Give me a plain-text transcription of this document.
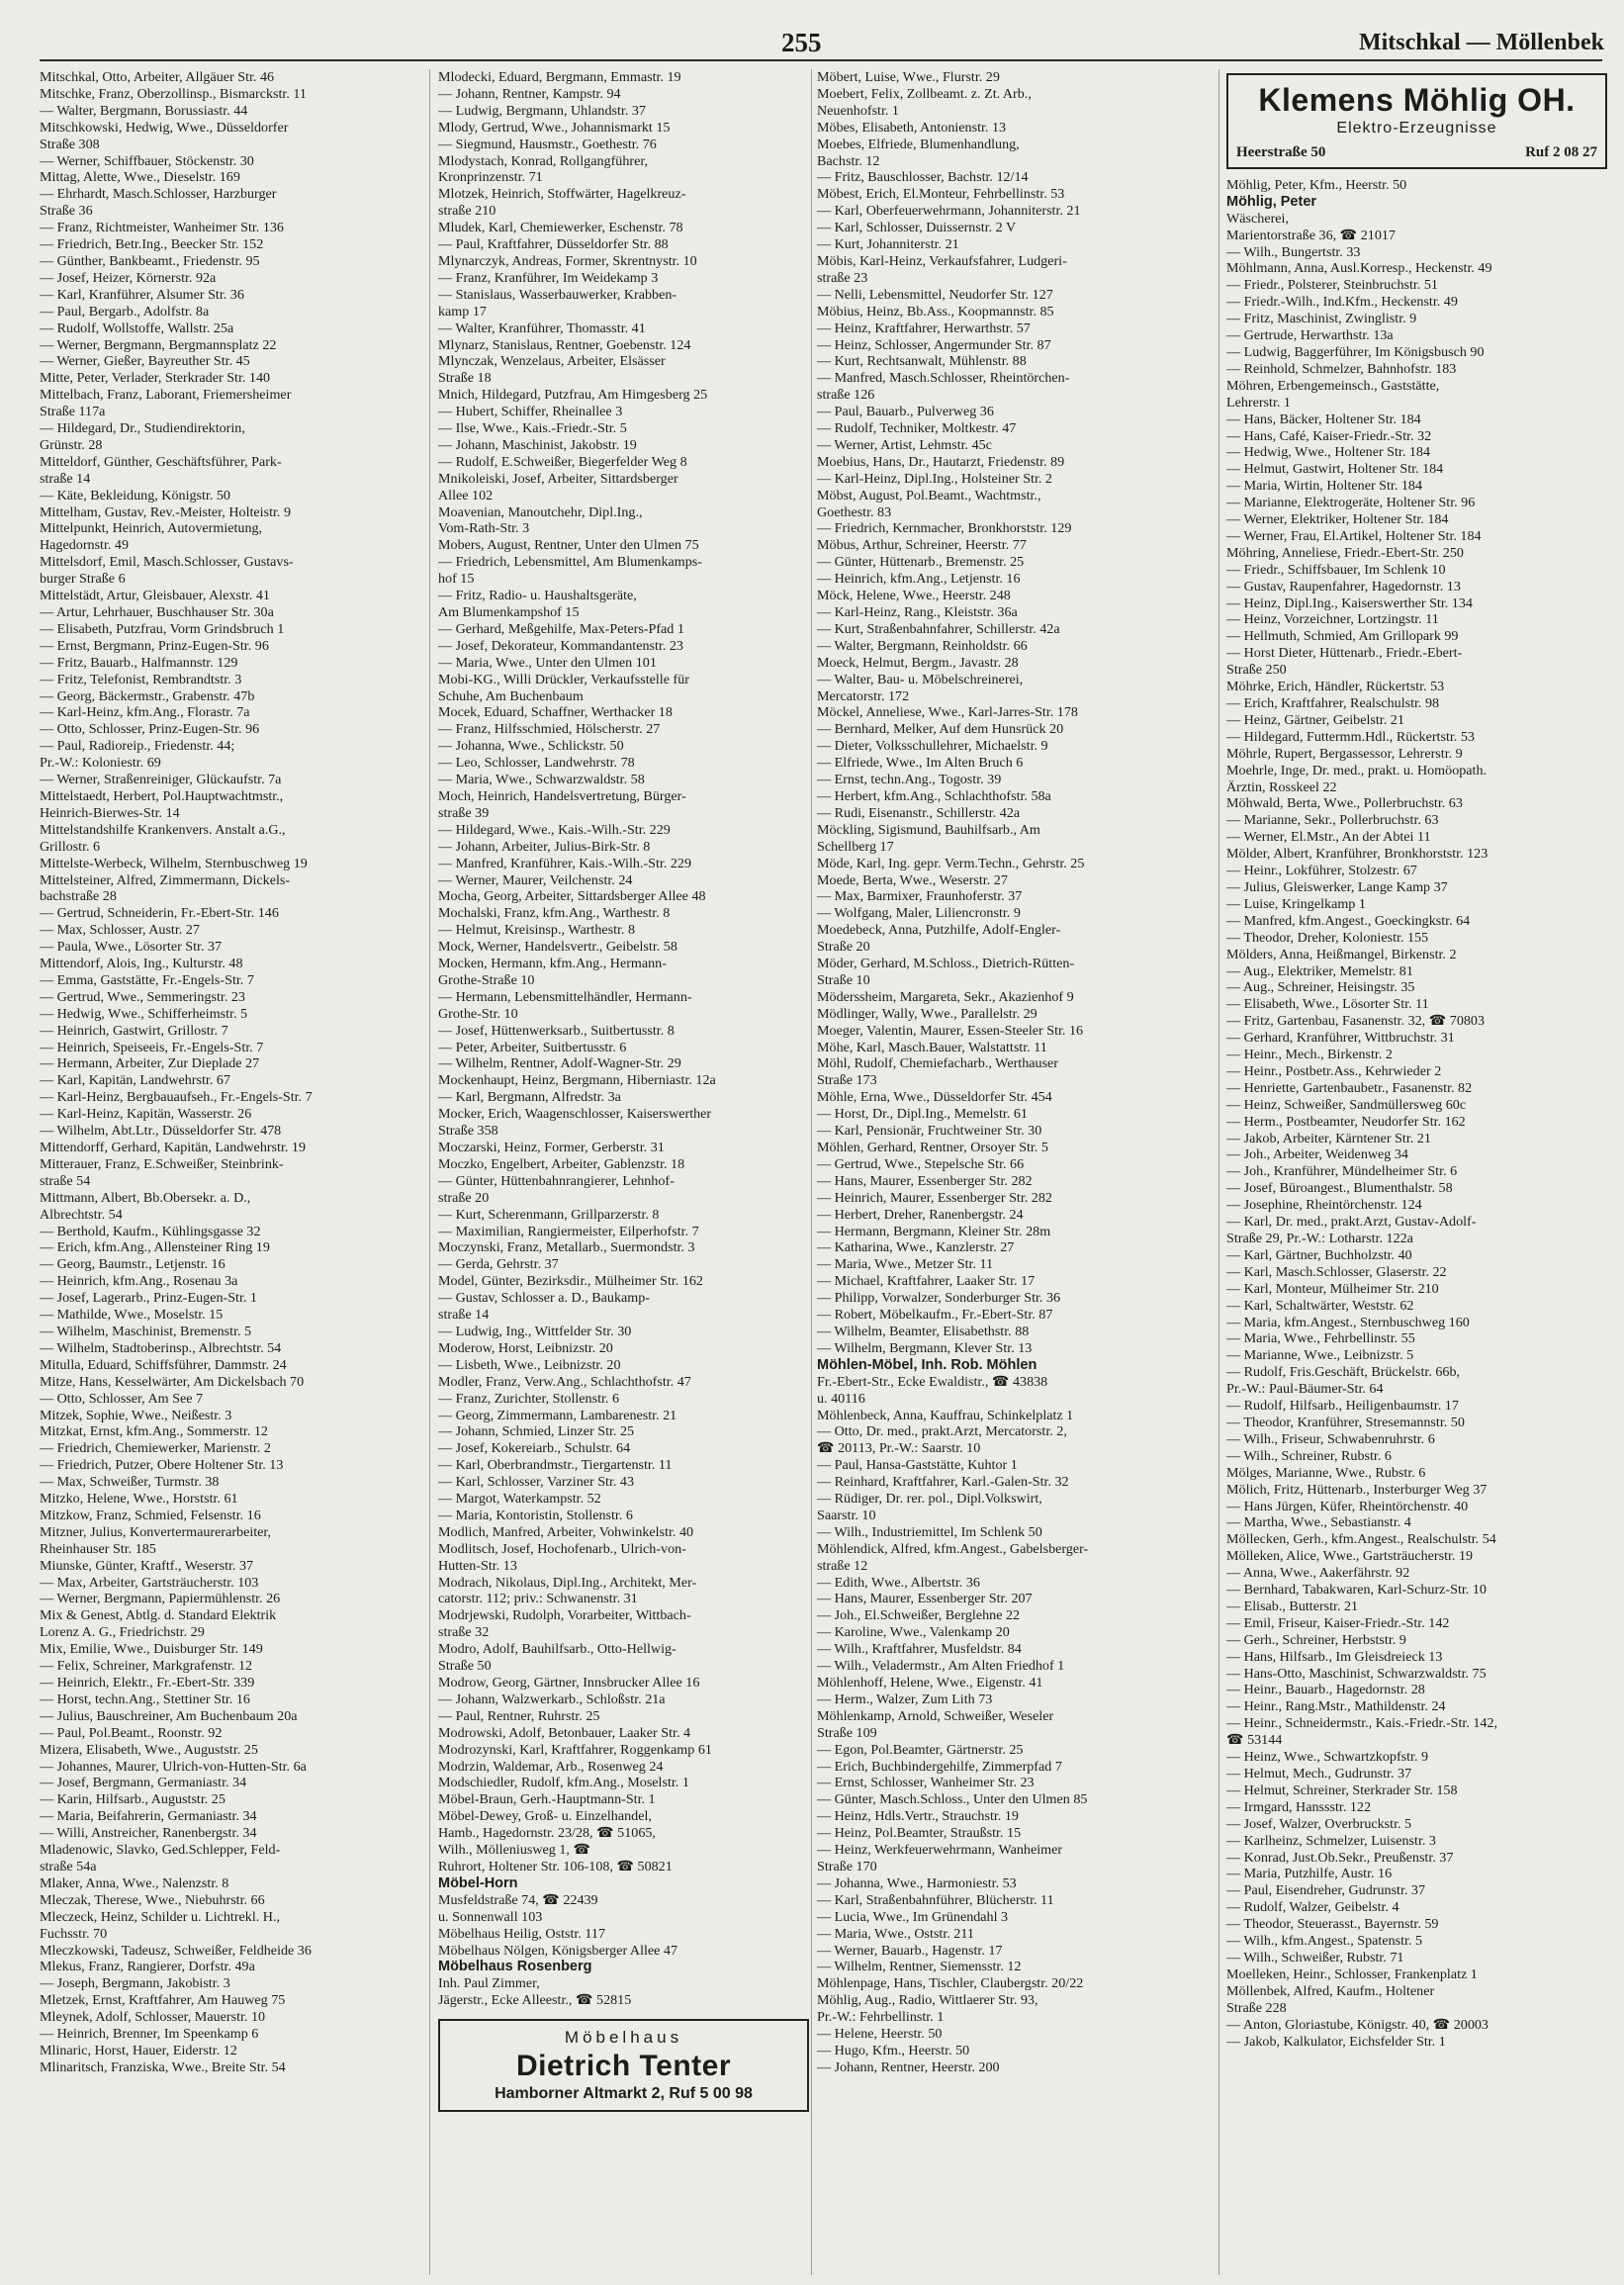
255	Mitschkal — Möllenbek
Mitschkal, Otto, Arbeiter, Allgäuer Str. 46
Mitschke, Franz, Oberzollinsp., Bismarckstr. 11
— Walter, Bergmann, Borussiastr. 44
Mitschkowski, Hedwig, Wwe., Düsseldorfer
Straße 308
— Werner, Schiffbauer, Stöckenstr. 30
Mittag, Alette, Wwe., Dieselstr. 169
— Ehrhardt, Masch.Schlosser, Harzburger
Straße 36
— Franz, Richtmeister, Wanheimer Str. 136
— Friedrich, Betr.Ing., Beecker Str. 152
— Günther, Bankbeamt., Friedenstr. 95
— Josef, Heizer, Körnerstr. 92a
— Karl, Kranführer, Alsumer Str. 36
— Paul, Bergarb., Adolfstr. 8a
— Rudolf, Wollstoffe, Wallstr. 25a
— Werner, Bergmann, Bergmannsplatz 22
— Werner, Gießer, Bayreuther Str. 45
Mitte, Peter, Verlader, Sterkrader Str. 140
Mittelbach, Franz, Laborant, Friemersheimer
Straße 117a
— Hildegard, Dr., Studiendirektorin,
Grünstr. 28
Mitteldorf, Günther, Geschäftsführer, Park-
straße 14
— Käte, Bekleidung, Königstr. 50
Mittelham, Gustav, Rev.-Meister, Holteistr. 9
Mittelpunkt, Heinrich, Autovermietung,
Hagedornstr. 49
Mittelsdorf, Emil, Masch.Schlosser, Gustavs-
burger Straße 6
Mittelstädt, Artur, Gleisbauer, Alexstr. 41
— Artur, Lehrhauer, Buschhauser Str. 30a
— Elisabeth, Putzfrau, Vorm Grindsbruch 1
— Ernst, Bergmann, Prinz-Eugen-Str. 96
— Fritz, Bauarb., Halfmannstr. 129
— Fritz, Telefonist, Rembrandtstr. 3
— Georg, Bäckermstr., Grabenstr. 47b
— Karl-Heinz, kfm.Ang., Florastr. 7a
— Otto, Schlosser, Prinz-Eugen-Str. 96
— Paul, Radioreip., Friedenstr. 44;
Pr.-W.: Koloniestr. 69
— Werner, Straßenreiniger, Glückaufstr. 7a
Mittelstaedt, Herbert, Pol.Hauptwachtmstr.,
Heinrich-Bierwes-Str. 14
Mittelstandshilfe Krankenvers. Anstalt a.G.,
Grillostr. 6
Mittelste-Werbeck, Wilhelm, Sternbuschweg 19
Mittelsteiner, Alfred, Zimmermann, Dickels-
bachstraße 28
— Gertrud, Schneiderin, Fr.-Ebert-Str. 146
— Max, Schlosser, Austr. 27
— Paula, Wwe., Lösorter Str. 37
Mittendorf, Alois, Ing., Kulturstr. 48
— Emma, Gaststätte, Fr.-Engels-Str. 7
— Gertrud, Wwe., Semmeringstr. 23
— Hedwig, Wwe., Schifferheimstr. 5
— Heinrich, Gastwirt, Grillostr. 7
— Heinrich, Speiseeis, Fr.-Engels-Str. 7
— Hermann, Arbeiter, Zur Dieplade 27
— Karl, Kapitän, Landwehrstr. 67
— Karl-Heinz, Bergbauaufseh., Fr.-Engels-Str. 7
— Karl-Heinz, Kapitän, Wasserstr. 26
— Wilhelm, Abt.Ltr., Düsseldorfer Str. 478
Mittendorff, Gerhard, Kapitän, Landwehrstr. 19
Mitterauer, Franz, E.Schweißer, Steinbrink-
straße 54
Mittmann, Albert, Bb.Obersekr. a. D.,
Albrechtstr. 54
— Berthold, Kaufm., Kühlingsgasse 32
— Erich, kfm.Ang., Allensteiner Ring 19
— Georg, Baumstr., Letjenstr. 16
— Heinrich, kfm.Ang., Rosenau 3a
— Josef, Lagerarb., Prinz-Eugen-Str. 1
— Mathilde, Wwe., Moselstr. 15
— Wilhelm, Maschinist, Bremenstr. 5
— Wilhelm, Stadtoberinsp., Albrechtstr. 54
Mitulla, Eduard, Schiffsführer, Dammstr. 24
Mitze, Hans, Kesselwärter, Am Dickelsbach 70
— Otto, Schlosser, Am See 7
Mitzek, Sophie, Wwe., Neißestr. 3
Mitzkat, Ernst, kfm.Ang., Sommerstr. 12
— Friedrich, Chemiewerker, Marienstr. 2
— Friedrich, Putzer, Obere Holtener Str. 13
— Max, Schweißer, Turmstr. 38
Mitzko, Helene, Wwe., Horststr. 61
Mitzkow, Franz, Schmied, Felsenstr. 16
Mitzner, Julius, Konvertermaurerarbeiter,
Rheinhauser Str. 185
Miunske, Günter, Kraftf., Weserstr. 37
— Max, Arbeiter, Gartsträucherstr. 103
— Werner, Bergmann, Papiermühlenstr. 26
Mix & Genest, Abtlg. d. Standard Elektrik
Lorenz A. G., Friedrichstr. 29
Mix, Emilie, Wwe., Duisburger Str. 149
— Felix, Schreiner, Markgrafenstr. 12
— Heinrich, Elektr., Fr.-Ebert-Str. 339
— Horst, techn.Ang., Stettiner Str. 16
— Julius, Bauschreiner, Am Buchenbaum 20a
— Paul, Pol.Beamt., Roonstr. 92
Mizera, Elisabeth, Wwe., Auguststr. 25
— Johannes, Maurer, Ulrich-von-Hutten-Str. 6a
— Josef, Bergmann, Germaniastr. 34
— Karin, Hilfsarb., Auguststr. 25
— Maria, Beifahrerin, Germaniastr. 34
— Willi, Anstreicher, Ranenbergstr. 34
Mladenowic, Slavko, Ged.Schlepper, Feld-
straße 54a
Mlaker, Anna, Wwe., Nalenzstr. 8
Mleczak, Therese, Wwe., Niebuhrstr. 66
Mleczeck, Heinz, Schilder u. Lichtrekl. H.,
Fuchsstr. 70
Mleczkowski, Tadeusz, Schweißer, Feldheide 36
Mlekus, Franz, Rangierer, Dorfstr. 49a
— Joseph, Bergmann, Jakobistr. 3
Mletzek, Ernst, Kraftfahrer, Am Hauweg 75
Mleynek, Adolf, Schlosser, Mauerstr. 10
— Heinrich, Brenner, Im Speenkamp 6
Mlinaric, Horst, Hauer, Eiderstr. 12
Mlinaritsch, Franziska, Wwe., Breite Str. 54
Mlodecki, Eduard, Bergmann, Emmastr. 19
— Johann, Rentner, Kampstr. 94
— Ludwig, Bergmann, Uhlandstr. 37
Mlody, Gertrud, Wwe., Johannismarkt 15
— Siegmund, Hausmstr., Goethestr. 76
Mlodystach, Konrad, Rollgangführer,
Kronprinzenstr. 71
Mlotzek, Heinrich, Stoffwärter, Hagelkreuz-
straße 210
Mludek, Karl, Chemiewerker, Eschenstr. 78
— Paul, Kraftfahrer, Düsseldorfer Str. 88
Mlynarczyk, Andreas, Former, Skrentnystr. 10
— Franz, Kranführer, Im Weidekamp 3
— Stanislaus, Wasserbauwerker, Krabben-
kamp 17
— Walter, Kranführer, Thomasstr. 41
Mlynarz, Stanislaus, Rentner, Goebenstr. 124
Mlynczak, Wenzelaus, Arbeiter, Elsässer
Straße 18
Mnich, Hildegard, Putzfrau, Am Himgesberg 25
— Hubert, Schiffer, Rheinallee 3
— Ilse, Wwe., Kais.-Friedr.-Str. 5
— Johann, Maschinist, Jakobstr. 19
— Rudolf, E.Schweißer, Biegerfelder Weg 8
Mnikoleiski, Josef, Arbeiter, Sittardsberger
Allee 102
Moavenian, Manoutchehr, Dipl.Ing.,
Vom-Rath-Str. 3
Mobers, August, Rentner, Unter den Ulmen 75
— Friedrich, Lebensmittel, Am Blumenkamps-
hof 15
— Fritz, Radio- u. Haushaltsgeräte,
Am Blumenkampshof 15
— Gerhard, Meßgehilfe, Max-Peters-Pfad 1
— Josef, Dekorateur, Kommandantenstr. 23
— Maria, Wwe., Unter den Ulmen 101
Mobi-KG., Willi Drückler, Verkaufsstelle für
Schuhe, Am Buchenbaum
Mocek, Eduard, Schaffner, Werthacker 18
— Franz, Hilfsschmied, Hölscherstr. 27
— Johanna, Wwe., Schlickstr. 50
— Leo, Schlosser, Landwehrstr. 78
— Maria, Wwe., Schwarzwaldstr. 58
Moch, Heinrich, Handelsvertretung, Bürger-
straße 39
— Hildegard, Wwe., Kais.-Wilh.-Str. 229
— Johann, Arbeiter, Julius-Birk-Str. 8
— Manfred, Kranführer, Kais.-Wilh.-Str. 229
— Werner, Maurer, Veilchenstr. 24
Mocha, Georg, Arbeiter, Sittardsberger Allee 48
Mochalski, Franz, kfm.Ang., Warthestr. 8
— Helmut, Kreisinsp., Warthestr. 8
Mock, Werner, Handelsvertr., Geibelstr. 58
Mocken, Hermann, kfm.Ang., Hermann-
Grothe-Straße 10
— Hermann, Lebensmittelhändler, Hermann-
Grothe-Str. 10
— Josef, Hüttenwerksarb., Suitbertusstr. 8
— Peter, Arbeiter, Suitbertusstr. 6
— Wilhelm, Rentner, Adolf-Wagner-Str. 29
Mockenhaupt, Heinz, Bergmann, Hiberniastr. 12a
— Karl, Bergmann, Alfredstr. 3a
Mocker, Erich, Waagenschlosser, Kaiserswerther
Straße 358
Moczarski, Heinz, Former, Gerberstr. 31
Moczko, Engelbert, Arbeiter, Gablenzstr. 18
— Günter, Hüttenbahnrangierer, Lehnhof-
straße 20
— Kurt, Scherenmann, Grillparzerstr. 8
— Maximilian, Rangiermeister, Eilperhofstr. 7
Moczynski, Franz, Metallarb., Suermondstr. 3
— Gerda, Gehrstr. 37
Model, Günter, Bezirksdir., Mülheimer Str. 162
— Gustav, Schlosser a. D., Baukamp-
straße 14
— Ludwig, Ing., Wittfelder Str. 30
Moderow, Horst, Leibnizstr. 20
— Lisbeth, Wwe., Leibnizstr. 20
Modler, Franz, Verw.Ang., Schlachthofstr. 47
— Franz, Zurichter, Stollenstr. 6
— Georg, Zimmermann, Lambarenestr. 21
— Johann, Schmied, Linzer Str. 25
— Josef, Kokereiarb., Schulstr. 64
— Karl, Oberbrandmstr., Tiergartenstr. 11
— Karl, Schlosser, Varziner Str. 43
— Margot, Waterkampstr. 52
— Maria, Kontoristin, Stollenstr. 6
Modlich, Manfred, Arbeiter, Vohwinkelstr. 40
Modlitsch, Josef, Hochofenarb., Ulrich-von-
Hutten-Str. 13
Modrach, Nikolaus, Dipl.Ing., Architekt, Mer-
catorstr. 112; priv.: Schwanenstr. 31
Modrjewski, Rudolph, Vorarbeiter, Wittbach-
straße 32
Modro, Adolf, Bauhilfsarb., Otto-Hellwig-
Straße 50
Modrow, Georg, Gärtner, Innsbrucker Allee 16
— Johann, Walzwerkarb., Schloßstr. 21a
— Paul, Rentner, Ruhrstr. 25
Modrowski, Adolf, Betonbauer, Laaker Str. 4
Modrozynski, Karl, Kraftfahrer, Roggenkamp 61
Modrzin, Waldemar, Arb., Rosenweg 24
Modschiedler, Rudolf, kfm.Ang., Moselstr. 1
Möbel-Braun, Gerh.-Hauptmann-Str. 1
Möbel-Dewey, Groß- u. Einzelhandel,
Hamb., Hagedornstr. 23/28, ☎ 51065,
Wilh., Mölleniusweg 1, ☎
Ruhrort, Holtener Str. 106-108, ☎ 50821
Möbel-Horn
Musfeldstraße 74, ☎ 22439
u. Sonnenwall 103
Möbelhaus Heilig, Oststr. 117
Möbelhaus Nölgen, Königsberger Allee 47
Möbelhaus Rosenberg
Inh. Paul Zimmer,
Jägerstr., Ecke Alleestr., ☎ 52815
Möbelhaus
Dietrich Tenter
Hamborner Altmarkt 2, Ruf 5 00 98
Möbert, Luise, Wwe., Flurstr. 29
Moebert, Felix, Zollbeamt. z. Zt. Arb.,
Neuenhofstr. 1
Möbes, Elisabeth, Antonienstr. 13
Moebes, Elfriede, Blumenhandlung,
Bachstr. 12
— Fritz, Bauschlosser, Bachstr. 12/14
Möbest, Erich, El.Monteur, Fehrbellinstr. 53
— Karl, Oberfeuerwehrmann, Johanniterstr. 21
— Karl, Schlosser, Duissernstr. 2 V
— Kurt, Johanniterstr. 21
Möbis, Karl-Heinz, Verkaufsfahrer, Ludgeri-
straße 23
— Nelli, Lebensmittel, Neudorfer Str. 127
Möbius, Heinz, Bb.Ass., Koopmannstr. 85
— Heinz, Kraftfahrer, Herwarthstr. 57
— Heinz, Schlosser, Angermunder Str. 87
— Kurt, Rechtsanwalt, Mühlenstr. 88
— Manfred, Masch.Schlosser, Rheintörchen-
straße 126
— Paul, Bauarb., Pulverweg 36
— Rudolf, Techniker, Moltkestr. 47
— Werner, Artist, Lehmstr. 45c
Moebius, Hans, Dr., Hautarzt, Friedenstr. 89
— Karl-Heinz, Dipl.Ing., Holsteiner Str. 2
Möbst, August, Pol.Beamt., Wachtmstr.,
Goethestr. 83
— Friedrich, Kernmacher, Bronkhorststr. 129
Möbus, Arthur, Schreiner, Heerstr. 77
— Günter, Hüttenarb., Bremenstr. 25
— Heinrich, kfm.Ang., Letjenstr. 16
Möck, Helene, Wwe., Heerstr. 248
— Karl-Heinz, Rang., Kleiststr. 36a
— Kurt, Straßenbahnfahrer, Schillerstr. 42a
— Walter, Bergmann, Reinholdstr. 66
Moeck, Helmut, Bergm., Javastr. 28
— Walter, Bau- u. Möbelschreinerei,
Mercatorstr. 172
Möckel, Anneliese, Wwe., Karl-Jarres-Str. 178
— Bernhard, Melker, Auf dem Hunsrück 20
— Dieter, Volksschullehrer, Michaelstr. 9
— Elfriede, Wwe., Im Alten Bruch 6
— Ernst, techn.Ang., Togostr. 39
— Herbert, kfm.Ang., Schlachthofstr. 58a
— Rudi, Eisenanstr., Schillerstr. 42a
Möckling, Sigismund, Bauhilfsarb., Am
Schellberg 17
Möde, Karl, Ing. gepr. Verm.Techn., Gehrstr. 25
Moede, Berta, Wwe., Weserstr. 27
— Max, Barmixer, Fraunhoferstr. 37
— Wolfgang, Maler, Liliencronstr. 9
Moedebeck, Anna, Putzhilfe, Adolf-Engler-
Straße 20
Möder, Gerhard, M.Schloss., Dietrich-Rütten-
Straße 10
Möderssheim, Margareta, Sekr., Akazienhof 9
Mödlinger, Wally, Wwe., Parallelstr. 29
Moeger, Valentin, Maurer, Essen-Steeler Str. 16
Möhe, Karl, Masch.Bauer, Walstattstr. 11
Möhl, Rudolf, Chemiefacharb., Werthauser
Straße 173
Möhle, Erna, Wwe., Düsseldorfer Str. 454
— Horst, Dr., Dipl.Ing., Memelstr. 61
— Karl, Pensionär, Fruchtweiner Str. 30
Möhlen, Gerhard, Rentner, Orsoyer Str. 5
— Gertrud, Wwe., Stepelsche Str. 66
— Hans, Maurer, Essenberger Str. 282
— Heinrich, Maurer, Essenberger Str. 282
— Herbert, Dreher, Ranenbergstr. 24
— Hermann, Bergmann, Kleiner Str. 28m
— Katharina, Wwe., Kanzlerstr. 27
— Maria, Wwe., Metzer Str. 11
— Michael, Kraftfahrer, Laaker Str. 17
— Philipp, Vorwalzer, Sonderburger Str. 36
— Robert, Möbelkaufm., Fr.-Ebert-Str. 87
— Wilhelm, Beamter, Elisabethstr. 88
— Wilhelm, Bergmann, Klever Str. 13
Möhlen-Möbel, Inh. Rob. Möhlen
Fr.-Ebert-Str., Ecke Ewaldistr., ☎ 43838
u. 40116
Möhlenbeck, Anna, Kauffrau, Schinkelplatz 1
— Otto, Dr. med., prakt.Arzt, Mercatorstr. 2,
☎ 20113, Pr.-W.: Saarstr. 10
— Paul, Hansa-Gaststätte, Kuhtor 1
— Reinhard, Kraftfahrer, Karl.-Galen-Str. 32
— Rüdiger, Dr. rer. pol., Dipl.Volkswirt,
Saarstr. 10
— Wilh., Industriemittel, Im Schlenk 50
Möhlendick, Alfred, kfm.Angest., Gabelsberger-
straße 12
— Edith, Wwe., Albertstr. 36
— Hans, Maurer, Essenberger Str. 207
— Joh., El.Schweißer, Berglehne 22
— Karoline, Wwe., Valenkamp 20
— Wilh., Kraftfahrer, Musfeldstr. 84
— Wilh., Veladermstr., Am Alten Friedhof 1
Möhlenhoff, Helene, Wwe., Eigenstr. 41
— Herm., Walzer, Zum Lith 73
Möhlenkamp, Arnold, Schweißer, Weseler
Straße 109
— Egon, Pol.Beamter, Gärtnerstr. 25
— Erich, Buchbindergehilfe, Zimmerpfad 7
— Ernst, Schlosser, Wanheimer Str. 23
— Günter, Masch.Schloss., Unter den Ulmen 85
— Heinz, Hdls.Vertr., Strauchstr. 19
— Heinz, Pol.Beamter, Straußstr. 15
— Heinz, Werkfeuerwehrmann, Wanheimer
Straße 170
— Johanna, Wwe., Harmoniestr. 53
— Karl, Straßenbahnführer, Blücherstr. 11
— Lucia, Wwe., Im Grünendahl 3
— Maria, Wwe., Oststr. 211
— Werner, Bauarb., Hagenstr. 17
— Wilhelm, Rentner, Siemensstr. 12
Möhlenpage, Hans, Tischler, Claubergstr. 20/22
Möhlig, Aug., Radio, Wittlaerer Str. 93,
Pr.-W.: Fehrbellinstr. 1
— Helene, Heerstr. 50
— Hugo, Kfm., Heerstr. 50
— Johann, Rentner, Heerstr. 200
Klemens Möhlig OH.
Elektro-Erzeugnisse
Heerstraße 50	Ruf 2 08 27
Möhlig, Peter, Kfm., Heerstr. 50
Möhlig, Peter
Wäscherei,
Marientorstraße 36, ☎ 21017
— Wilh., Bungertstr. 33
Möhlmann, Anna, Ausl.Korresp., Heckenstr. 49
— Friedr., Polsterer, Steinbruchstr. 51
— Friedr.-Wilh., Ind.Kfm., Heckenstr. 49
— Fritz, Maschinist, Zwinglistr. 9
— Gertrude, Herwarthstr. 13a
— Ludwig, Baggerführer, Im Königsbusch 90
— Reinhold, Schmelzer, Bahnhofstr. 183
Möhren, Erbengemeinsch., Gaststätte,
Lehrerstr. 1
— Hans, Bäcker, Holtener Str. 184
— Hans, Café, Kaiser-Friedr.-Str. 32
— Hedwig, Wwe., Holtener Str. 184
— Helmut, Gastwirt, Holtener Str. 184
— Maria, Wirtin, Holtener Str. 184
— Marianne, Elektrogeräte, Holtener Str. 96
— Werner, Elektriker, Holtener Str. 184
— Werner, Frau, El.Artikel, Holtener Str. 184
Möhring, Anneliese, Friedr.-Ebert-Str. 250
— Friedr., Schiffsbauer, Im Schlenk 10
— Gustav, Raupenfahrer, Hagedornstr. 13
— Heinz, Dipl.Ing., Kaiserswerther Str. 134
— Heinz, Vorzeichner, Lortzingstr. 11
— Hellmuth, Schmied, Am Grillopark 99
— Horst Dieter, Hüttenarb., Friedr.-Ebert-
Straße 250
Möhrke, Erich, Händler, Rückertstr. 53
— Erich, Kraftfahrer, Realschulstr. 98
— Heinz, Gärtner, Geibelstr. 21
— Hildegard, Futtermm.Hdl., Rückertstr. 53
Möhrle, Rupert, Bergassessor, Lehrerstr. 9
Moehrle, Inge, Dr. med., prakt. u. Homöopath.
Ärztin, Rosskeel 22
Möhwald, Berta, Wwe., Pollerbruchstr. 63
— Marianne, Sekr., Pollerbruchstr. 63
— Werner, El.Mstr., An der Abtei 11
Mölder, Albert, Kranführer, Bronkhorststr. 123
— Heinr., Lokführer, Stolzestr. 67
— Julius, Gleiswerker, Lange Kamp 37
— Luise, Kringelkamp 1
— Manfred, kfm.Angest., Goeckingkstr. 64
— Theodor, Dreher, Koloniestr. 155
Mölders, Anna, Heißmangel, Birkenstr. 2
— Aug., Elektriker, Memelstr. 81
— Aug., Schreiner, Heisingstr. 35
— Elisabeth, Wwe., Lösorter Str. 11
— Fritz, Gartenbau, Fasanenstr. 32, ☎ 70803
— Gerhard, Kranführer, Wittbruchstr. 31
— Heinr., Mech., Birkenstr. 2
— Heinr., Postbetr.Ass., Kehrwieder 2
— Henriette, Gartenbaubetr., Fasanenstr. 82
— Heinz, Schweißer, Sandmüllersweg 60c
— Herm., Postbeamter, Neudorfer Str. 162
— Jakob, Arbeiter, Kärntener Str. 21
— Joh., Arbeiter, Weidenweg 34
— Joh., Kranführer, Mündelheimer Str. 6
— Josef, Büroangest., Blumenthalstr. 58
— Josephine, Rheintörchenstr. 124
— Karl, Dr. med., prakt.Arzt, Gustav-Adolf-
Straße 29, Pr.-W.: Lotharstr. 122a
— Karl, Gärtner, Buchholzstr. 40
— Karl, Masch.Schlosser, Glaserstr. 22
— Karl, Monteur, Mülheimer Str. 210
— Karl, Schaltwärter, Weststr. 62
— Maria, kfm.Angest., Sternbuschweg 160
— Maria, Wwe., Fehrbellinstr. 55
— Marianne, Wwe., Leibnizstr. 5
— Rudolf, Fris.Geschäft, Brückelstr. 66b,
Pr.-W.: Paul-Bäumer-Str. 64
— Rudolf, Hilfsarb., Heiligenbaumstr. 17
— Theodor, Kranführer, Stresemannstr. 50
— Wilh., Friseur, Schwabenruhrstr. 6
— Wilh., Schreiner, Rubstr. 6
Mölges, Marianne, Wwe., Rubstr. 6
Mölich, Fritz, Hüttenarb., Insterburger Weg 37
— Hans Jürgen, Küfer, Rheintörchenstr. 40
— Martha, Wwe., Sebastianstr. 4
Möllecken, Gerh., kfm.Angest., Realschulstr. 54
Mölleken, Alice, Wwe., Gartsträucherstr. 19
— Anna, Wwe., Aakerfährstr. 92
— Bernhard, Tabakwaren, Karl-Schurz-Str. 10
— Elisab., Butterstr. 21
— Emil, Friseur, Kaiser-Friedr.-Str. 142
— Gerh., Schreiner, Herbststr. 9
— Hans, Hilfsarb., Im Gleisdreieck 13
— Hans-Otto, Maschinist, Schwarzwaldstr. 75
— Heinr., Bauarb., Hagedornstr. 28
— Heinr., Rang.Mstr., Mathildenstr. 24
— Heinr., Schneidermstr., Kais.-Friedr.-Str. 142,
☎ 53144
— Heinz, Wwe., Schwartzkopfstr. 9
— Helmut, Mech., Gudrunstr. 37
— Helmut, Schreiner, Sterkrader Str. 158
— Irmgard, Hanssstr. 122
— Josef, Walzer, Overbruckstr. 5
— Karlheinz, Schmelzer, Luisenstr. 3
— Konrad, Just.Ob.Sekr., Preußenstr. 37
— Maria, Putzhilfe, Austr. 16
— Paul, Eisendreher, Gudrunstr. 37
— Rudolf, Walzer, Geibelstr. 4
— Theodor, Steuerasst., Bayernstr. 59
— Wilh., kfm.Angest., Spatenstr. 5
— Wilh., Schweißer, Rubstr. 71
Moelleken, Heinr., Schlosser, Frankenplatz 1
Möllenbek, Alfred, Kaufm., Holtener
Straße 228
— Anton, Gloriastube, Königstr. 40, ☎ 20003
— Jakob, Kalkulator, Eichsfelder Str. 1
